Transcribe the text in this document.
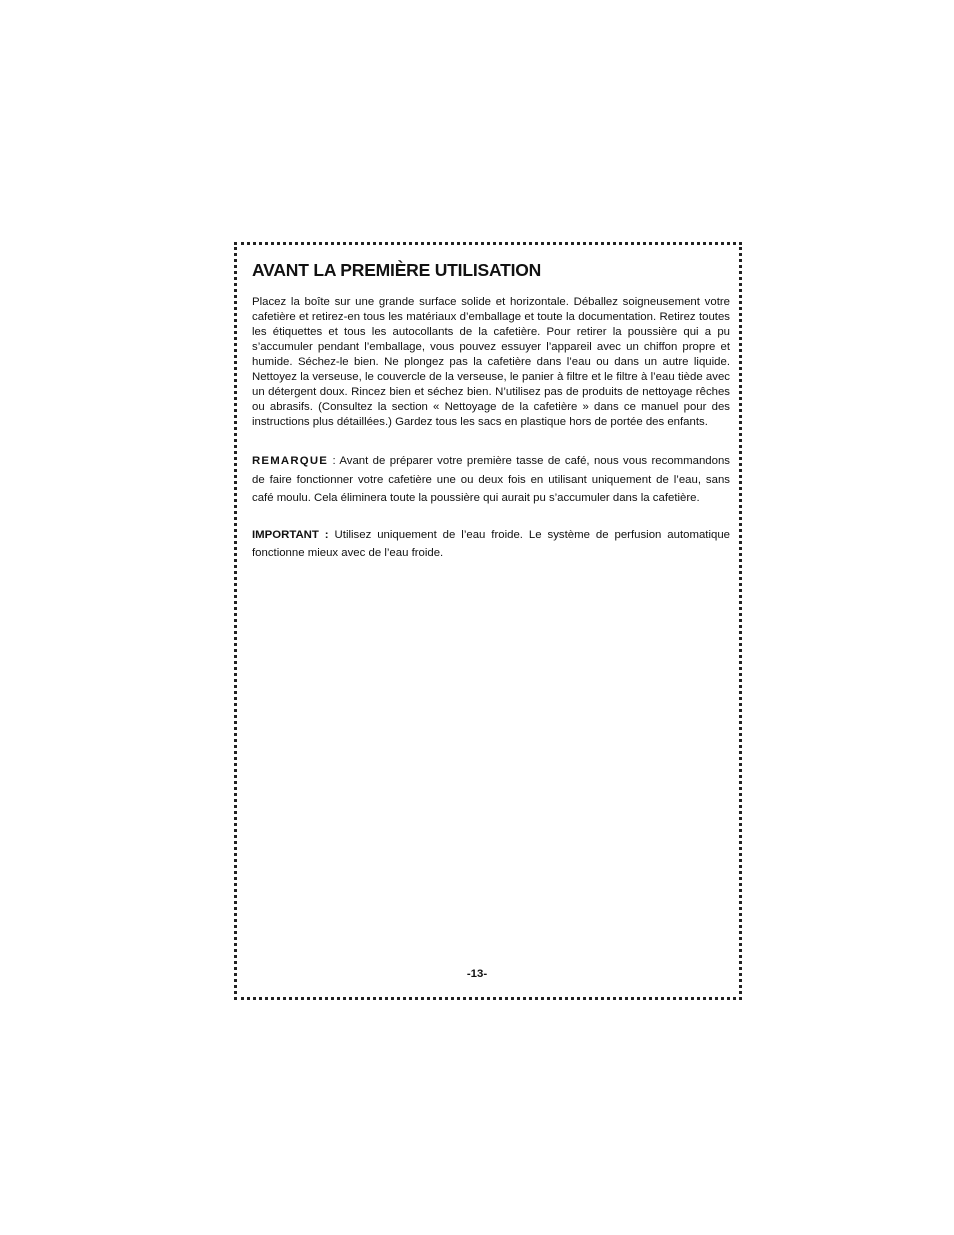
AVANT LA PREMIÈRE UTILISATION

Placez la boîte sur une grande surface solide et horizontale. Déballez soigneusement votre cafetière et retirez-en tous les matériaux d’emballage et toute la documentation. Retirez toutes les étiquettes et tous les autocollants de la cafetière. Pour retirer la poussière qui a pu s’accumuler pendant l’emballage, vous pouvez essuyer l’appareil avec un chiffon propre et humide. Séchez-le bien. Ne plongez pas la cafetière dans l’eau ou dans un autre liquide. Nettoyez la verseuse, le couvercle de la verseuse, le panier à filtre et le filtre à l’eau tiède avec un détergent doux. Rincez bien et séchez bien. N’utilisez pas de produits de nettoyage rêches ou abrasifs. (Consultez la section « Nettoyage de la cafetière » dans ce manuel pour des instructions plus détaillées.) Gardez tous les sacs en plastique hors de portée des enfants.

REMARQUE : Avant de préparer votre première tasse de café, nous vous recommandons de faire fonctionner votre cafetière une ou deux fois en utilisant uniquement de l’eau, sans café moulu. Cela éliminera toute la poussière qui aurait pu s’accumuler dans la cafetière.

IMPORTANT : Utilisez uniquement de l’eau froide. Le système de perfusion automatique fonctionne mieux avec de l’eau froide.

-13-
